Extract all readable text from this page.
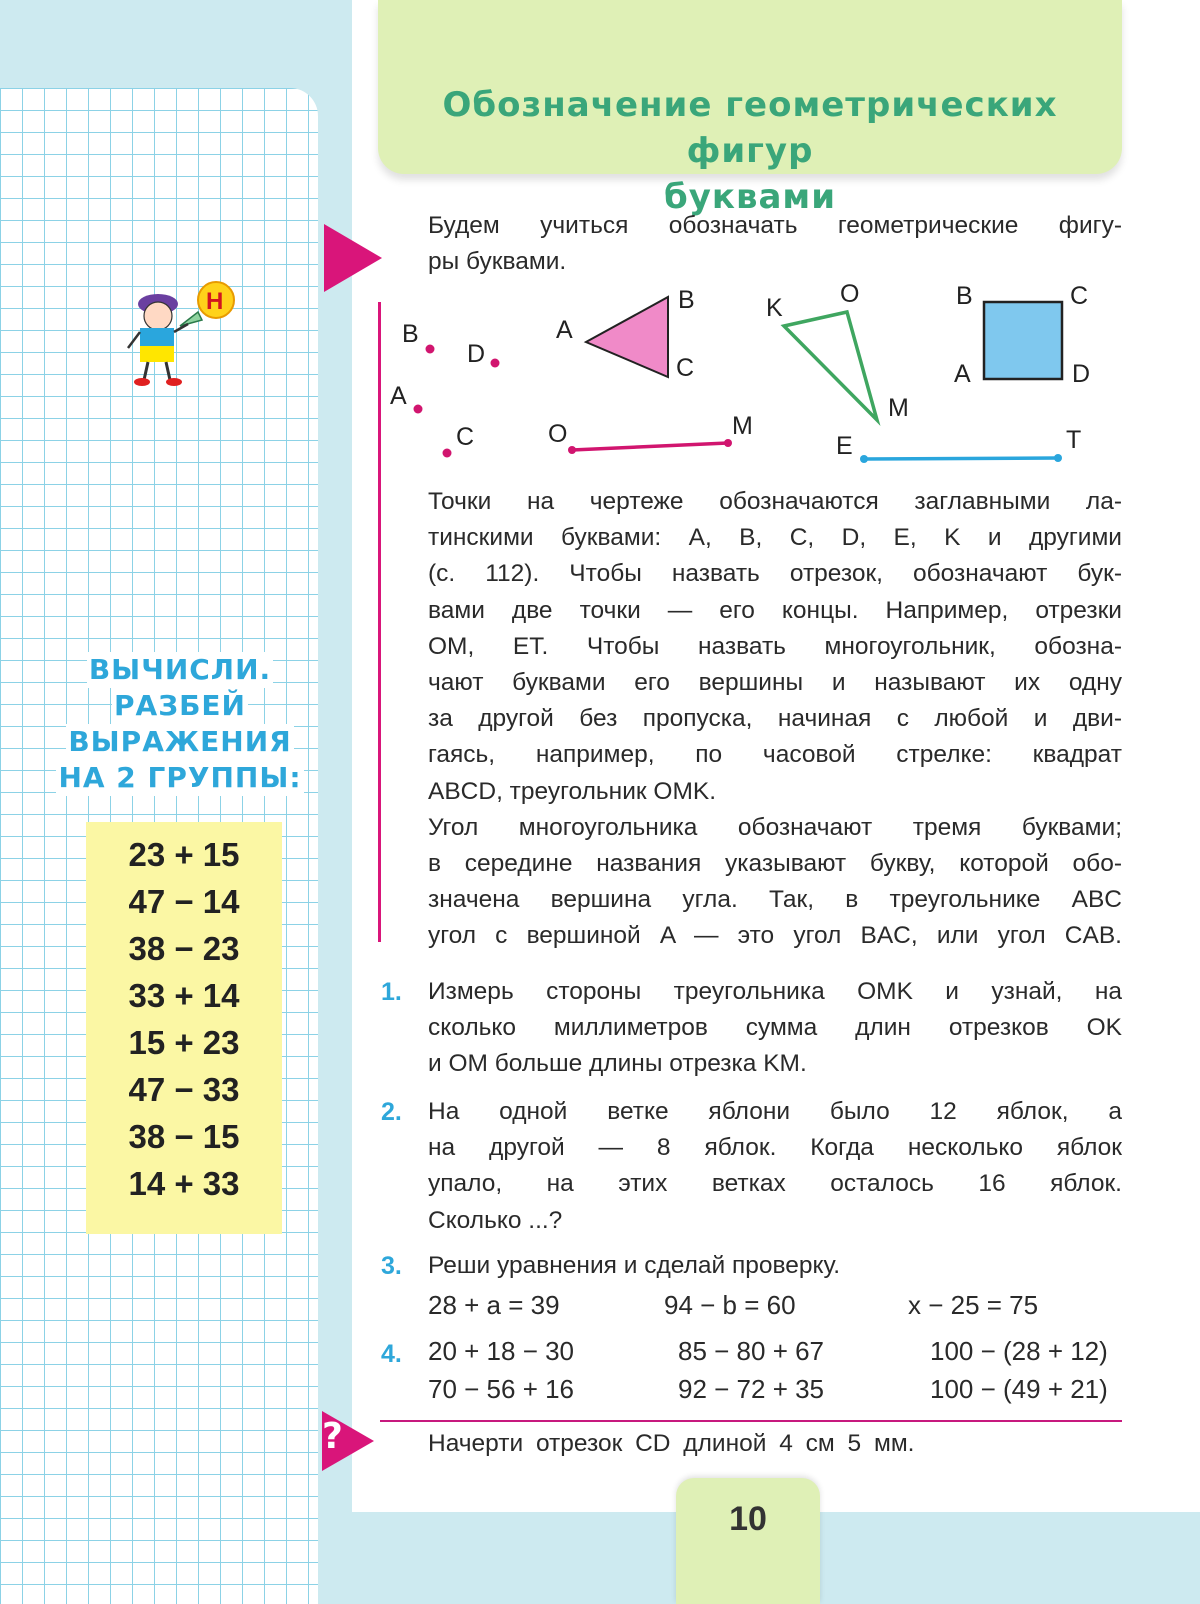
Обозначение геометрических фигур
буквами
Будем учиться обозначать геометрические фигу-
ры буквами.
B
D
A
C
A
B
C
O	M
K O
M
E	T
B	C
A	D
Точки на чертеже обозначаются заглавными ла-
тинскими буквами: A, B, C, D, E, K и другими
(с. 112). Чтобы назвать отрезок, обозначают бук-
вами две точки — его концы. Например, отрезки
OM, ET. Чтобы назвать многоугольник, обозна-
чают буквами его вершины и называют их одну
за другой без пропуска, начиная с любой и дви-
гаясь, например, по часовой стрелке: квадрат
ABCD, треугольник OMK.
Угол многоугольника обозначают тремя буквами;
в середине названия указывают букву, которой обо-
значена вершина угла. Так, в треугольнике ABC
угол с вершиной A — это угол BAC, или угол CAB.
1. Измерь стороны треугольника OMK и узнай, на
сколько миллиметров сумма длин отрезков OK
и OM больше длины отрезка KM.
2. На одной ветке яблони было 12 яблок, а
на другой — 8 яблок. Когда несколько яблок
упало, на этих ветках осталось 16 яблок.
Сколько ...?
3. Реши уравнения и сделай проверку.
28 + a = 39	94 − b = 60	x − 25 = 75
4. 20 + 18 − 30	85 − 80 + 67	100 − (28 + 12)
70 − 56 + 16	92 − 72 + 35	100 − (49 + 21)
?	Начерти отрезок CD длиной 4 см 5 мм.
Н
ВЫЧИСЛИ.
РАЗБЕЙ
ВЫРАЖЕНИЯ
НА 2 ГРУППЫ:
23 + 15
47 − 14
38 − 23
33 + 14
15 + 23
47 − 33
38 − 15
14 + 33
10
